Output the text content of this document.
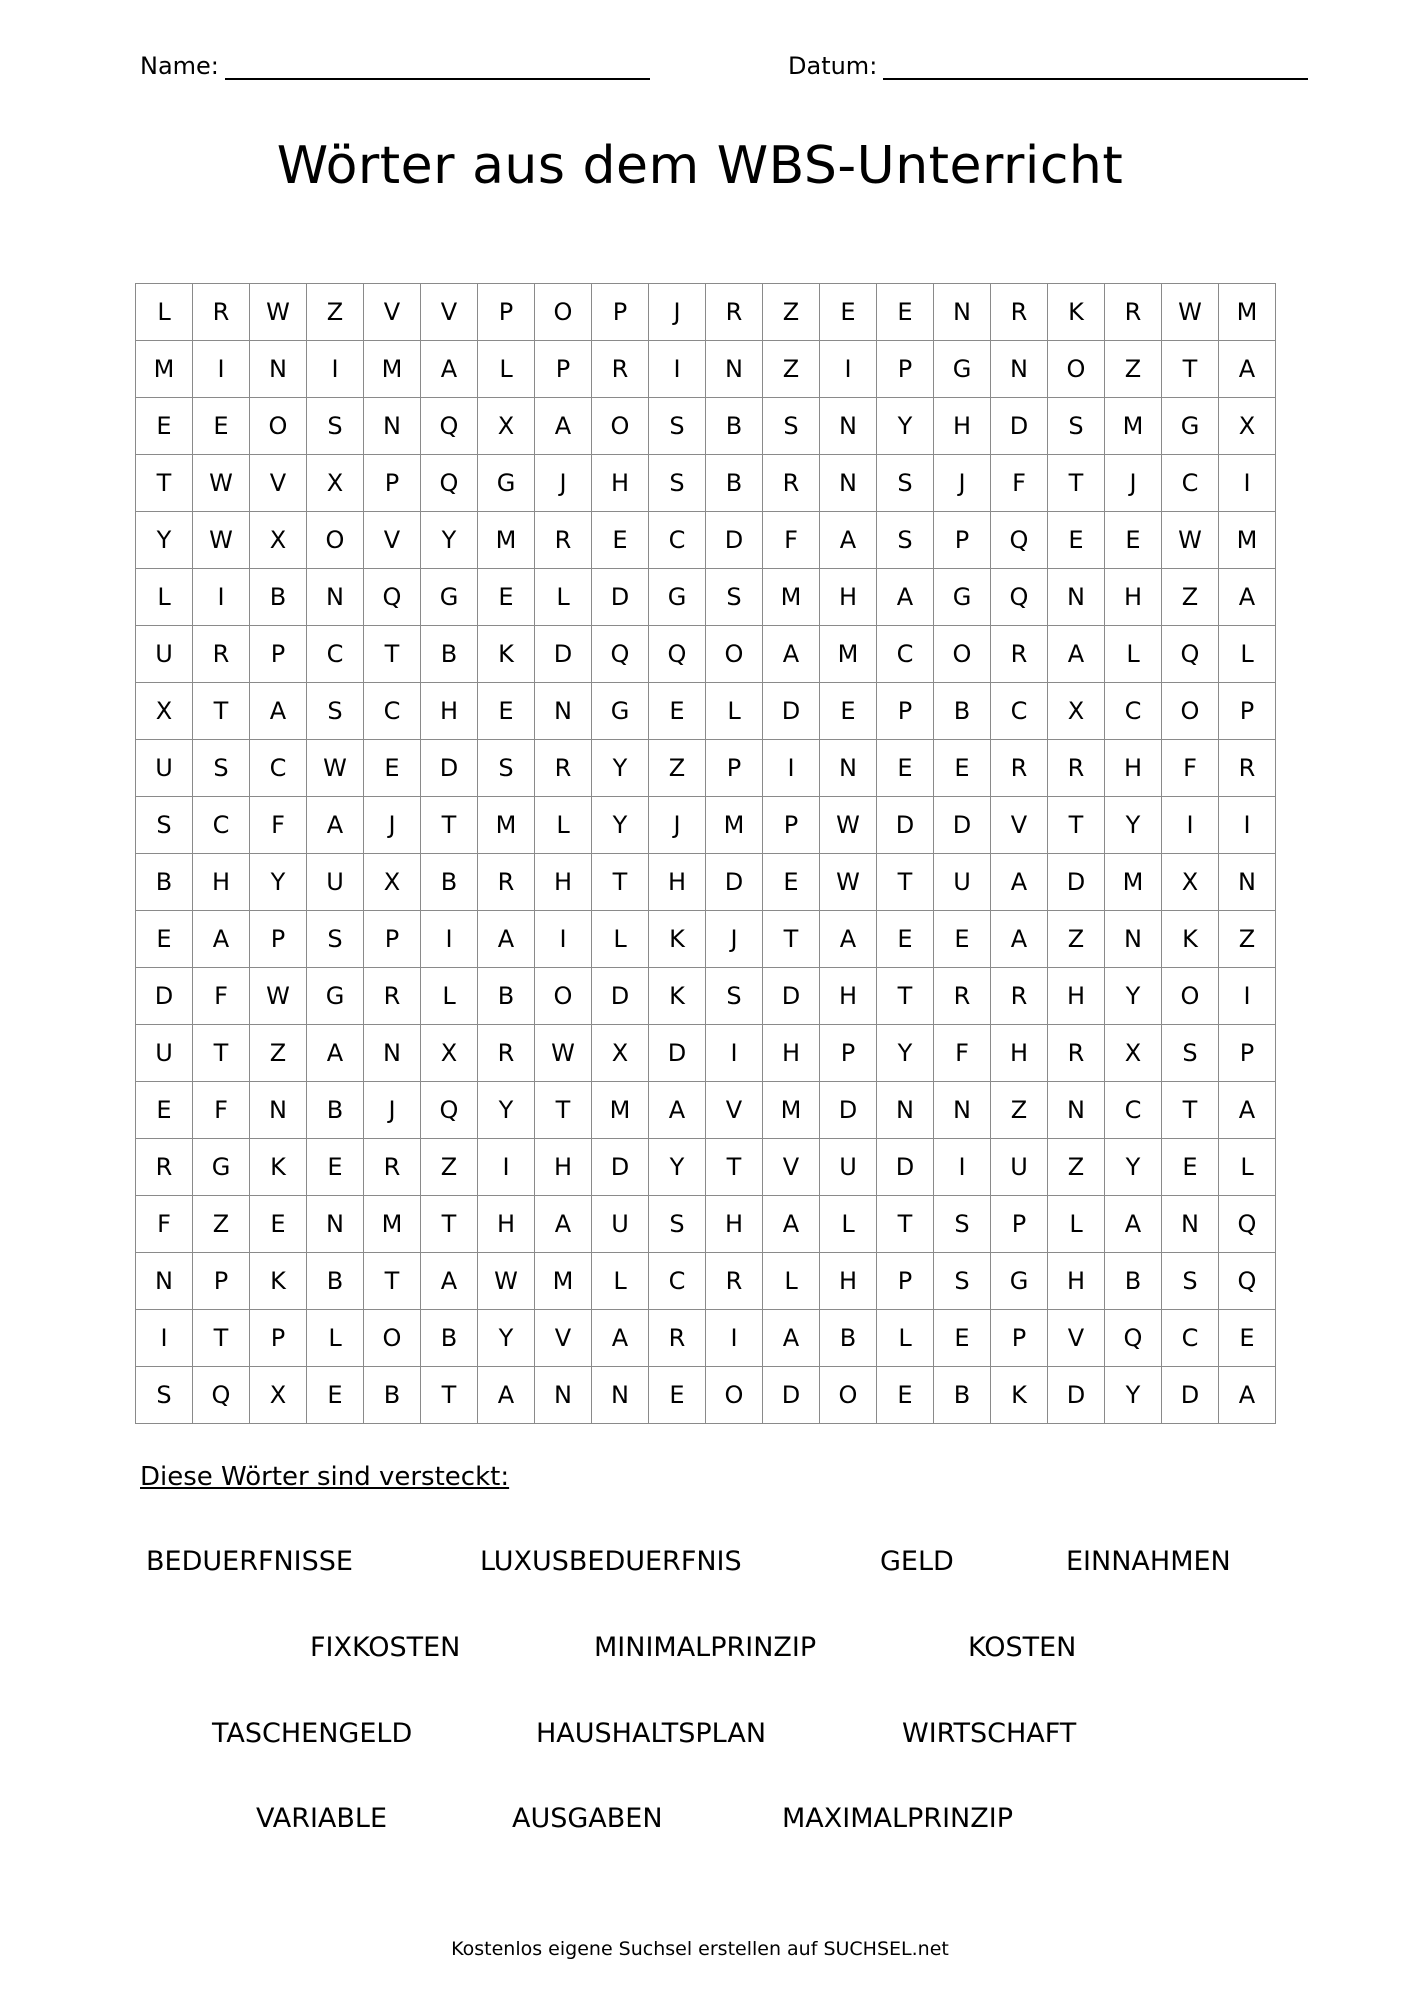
Name:	Datum:
Wörter aus dem WBS-Unterricht
L	R	W	Z	V	V	P	O	P	J	R	Z	E	E	N	R	K	R	W	M
M	I	N	I	M	A	L	P	R	I	N	Z	I	P	G	N	O	Z	T	A
E	E	O	S	N	Q	X	A	O	S	B	S	N	Y	H	D	S	M	G	X
T	W	V	X	P	Q	G	J	H	S	B	R	N	S	J	F	T	J	C	I
Y	W	X	O	V	Y	M	R	E	C	D	F	A	S	P	Q	E	E	W	M
L	I	B	N	Q	G	E	L	D	G	S	M	H	A	G	Q	N	H	Z	A
U	R	P	C	T	B	K	D	Q	Q	O	A	M	C	O	R	A	L	Q	L
X	T	A	S	C	H	E	N	G	E	L	D	E	P	B	C	X	C	O	P
U	S	C	W	E	D	S	R	Y	Z	P	I	N	E	E	R	R	H	F	R
S	C	F	A	J	T	M	L	Y	J	M	P	W	D	D	V	T	Y	I	I
B	H	Y	U	X	B	R	H	T	H	D	E	W	T	U	A	D	M	X	N
E	A	P	S	P	I	A	I	L	K	J	T	A	E	E	A	Z	N	K	Z
D	F	W	G	R	L	B	O	D	K	S	D	H	T	R	R	H	Y	O	I
U	T	Z	A	N	X	R	W	X	D	I	H	P	Y	F	H	R	X	S	P
E	F	N	B	J	Q	Y	T	M	A	V	M	D	N	N	Z	N	C	T	A
R	G	K	E	R	Z	I	H	D	Y	T	V	U	D	I	U	Z	Y	E	L
F	Z	E	N	M	T	H	A	U	S	H	A	L	T	S	P	L	A	N	Q
N	P	K	B	T	A	W	M	L	C	R	L	H	P	S	G	H	B	S	Q
I	T	P	L	O	B	Y	V	A	R	I	A	B	L	E	P	V	Q	C	E
S	Q	X	E	B	T	A	N	N	E	O	D	O	E	B	K	D	Y	D	A
Diese Wörter sind versteckt:
BEDUERFNISSE	LUXUSBEDUERFNIS	GELD	EINNAHMEN
FIXKOSTEN	MINIMALPRINZIP	KOSTEN
TASCHENGELD	HAUSHALTSPLAN	WIRTSCHAFT
VARIABLE	AUSGABEN	MAXIMALPRINZIP
Kostenlos eigene Suchsel erstellen auf SUCHSEL.net
